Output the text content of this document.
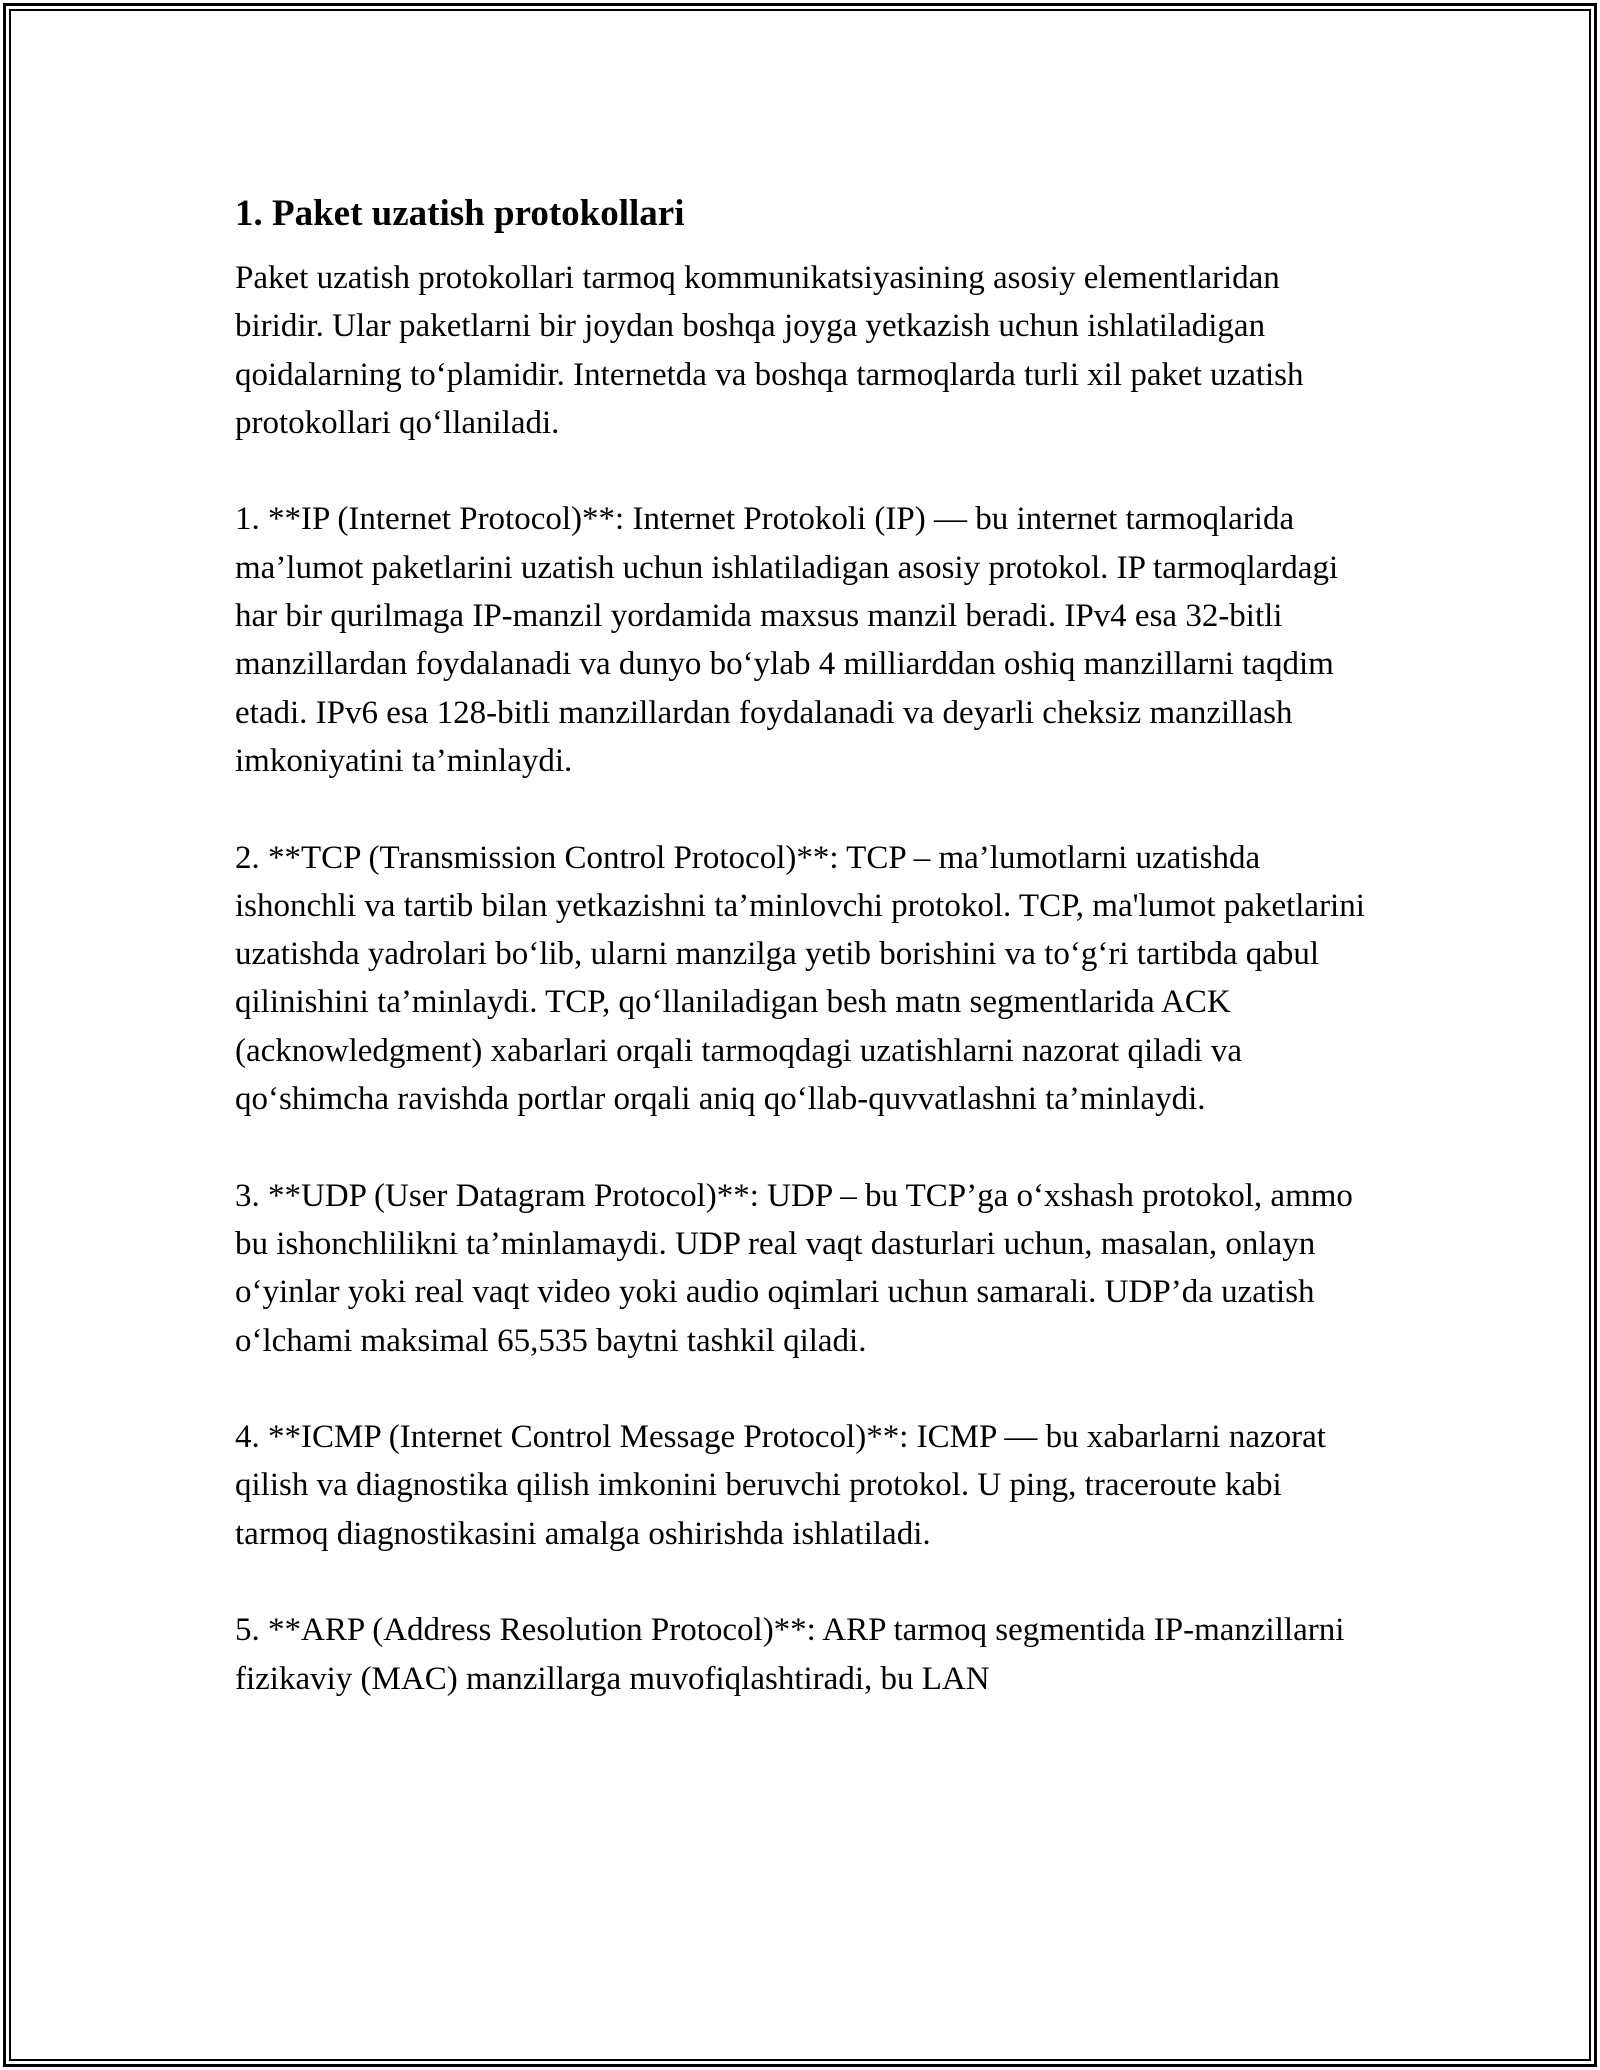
1. Paket uzatish protokollari

Paket uzatish protokollari tarmoq kommunikatsiyasining asosiy elementlaridan biridir. Ular paketlarni bir joydan boshqa joyga yetkazish uchun ishlatiladigan qoidalarning to‘plamidir. Internetda va boshqa tarmoqlarda turli xil paket uzatish protokollari qo‘llaniladi.

1. **IP (Internet Protocol)**: Internet Protokoli (IP) — bu internet tarmoqlarida ma’lumot paketlarini uzatish uchun ishlatiladigan asosiy protokol. IP tarmoqlardagi har bir qurilmaga IP-manzil yordamida maxsus manzil beradi. IPv4 esa 32-bitli manzillardan foydalanadi va dunyo bo‘ylab 4 milliarddan oshiq manzillarni taqdim etadi. IPv6 esa 128-bitli manzillardan foydalanadi va deyarli cheksiz manzillash imkoniyatini ta’minlaydi.

2. **TCP (Transmission Control Protocol)**: TCP – ma’lumotlarni uzatishda ishonchli va tartib bilan yetkazishni ta’minlovchi protokol. TCP, ma'lumot paketlarini uzatishda yadrolari bo‘lib, ularni manzilga yetib borishini va to‘g‘ri tartibda qabul qilinishini ta’minlaydi. TCP, qo‘llaniladigan besh matn segmentlarida ACK (acknowledgment) xabarlari orqali tarmoqdagi uzatishlarni nazorat qiladi va qo‘shimcha ravishda portlar orqali aniq qo‘llab-quvvatlashni ta’minlaydi.

3. **UDP (User Datagram Protocol)**: UDP – bu TCP’ga o‘xshash protokol, ammo bu ishonchlilikni ta’minlamaydi. UDP real vaqt dasturlari uchun, masalan, onlayn o‘yinlar yoki real vaqt video yoki audio oqimlari uchun samarali. UDP’da uzatish o‘lchami maksimal 65,535 baytni tashkil qiladi.

4. **ICMP (Internet Control Message Protocol)**: ICMP — bu xabarlarni nazorat qilish va diagnostika qilish imkonini beruvchi protokol. U ping, traceroute kabi tarmoq diagnostikasini amalga oshirishda ishlatiladi.

5. **ARP (Address Resolution Protocol)**: ARP tarmoq segmentida IP-manzillarni fizikaviy (MAC) manzillarga muvofiqlashtiradi, bu LAN
